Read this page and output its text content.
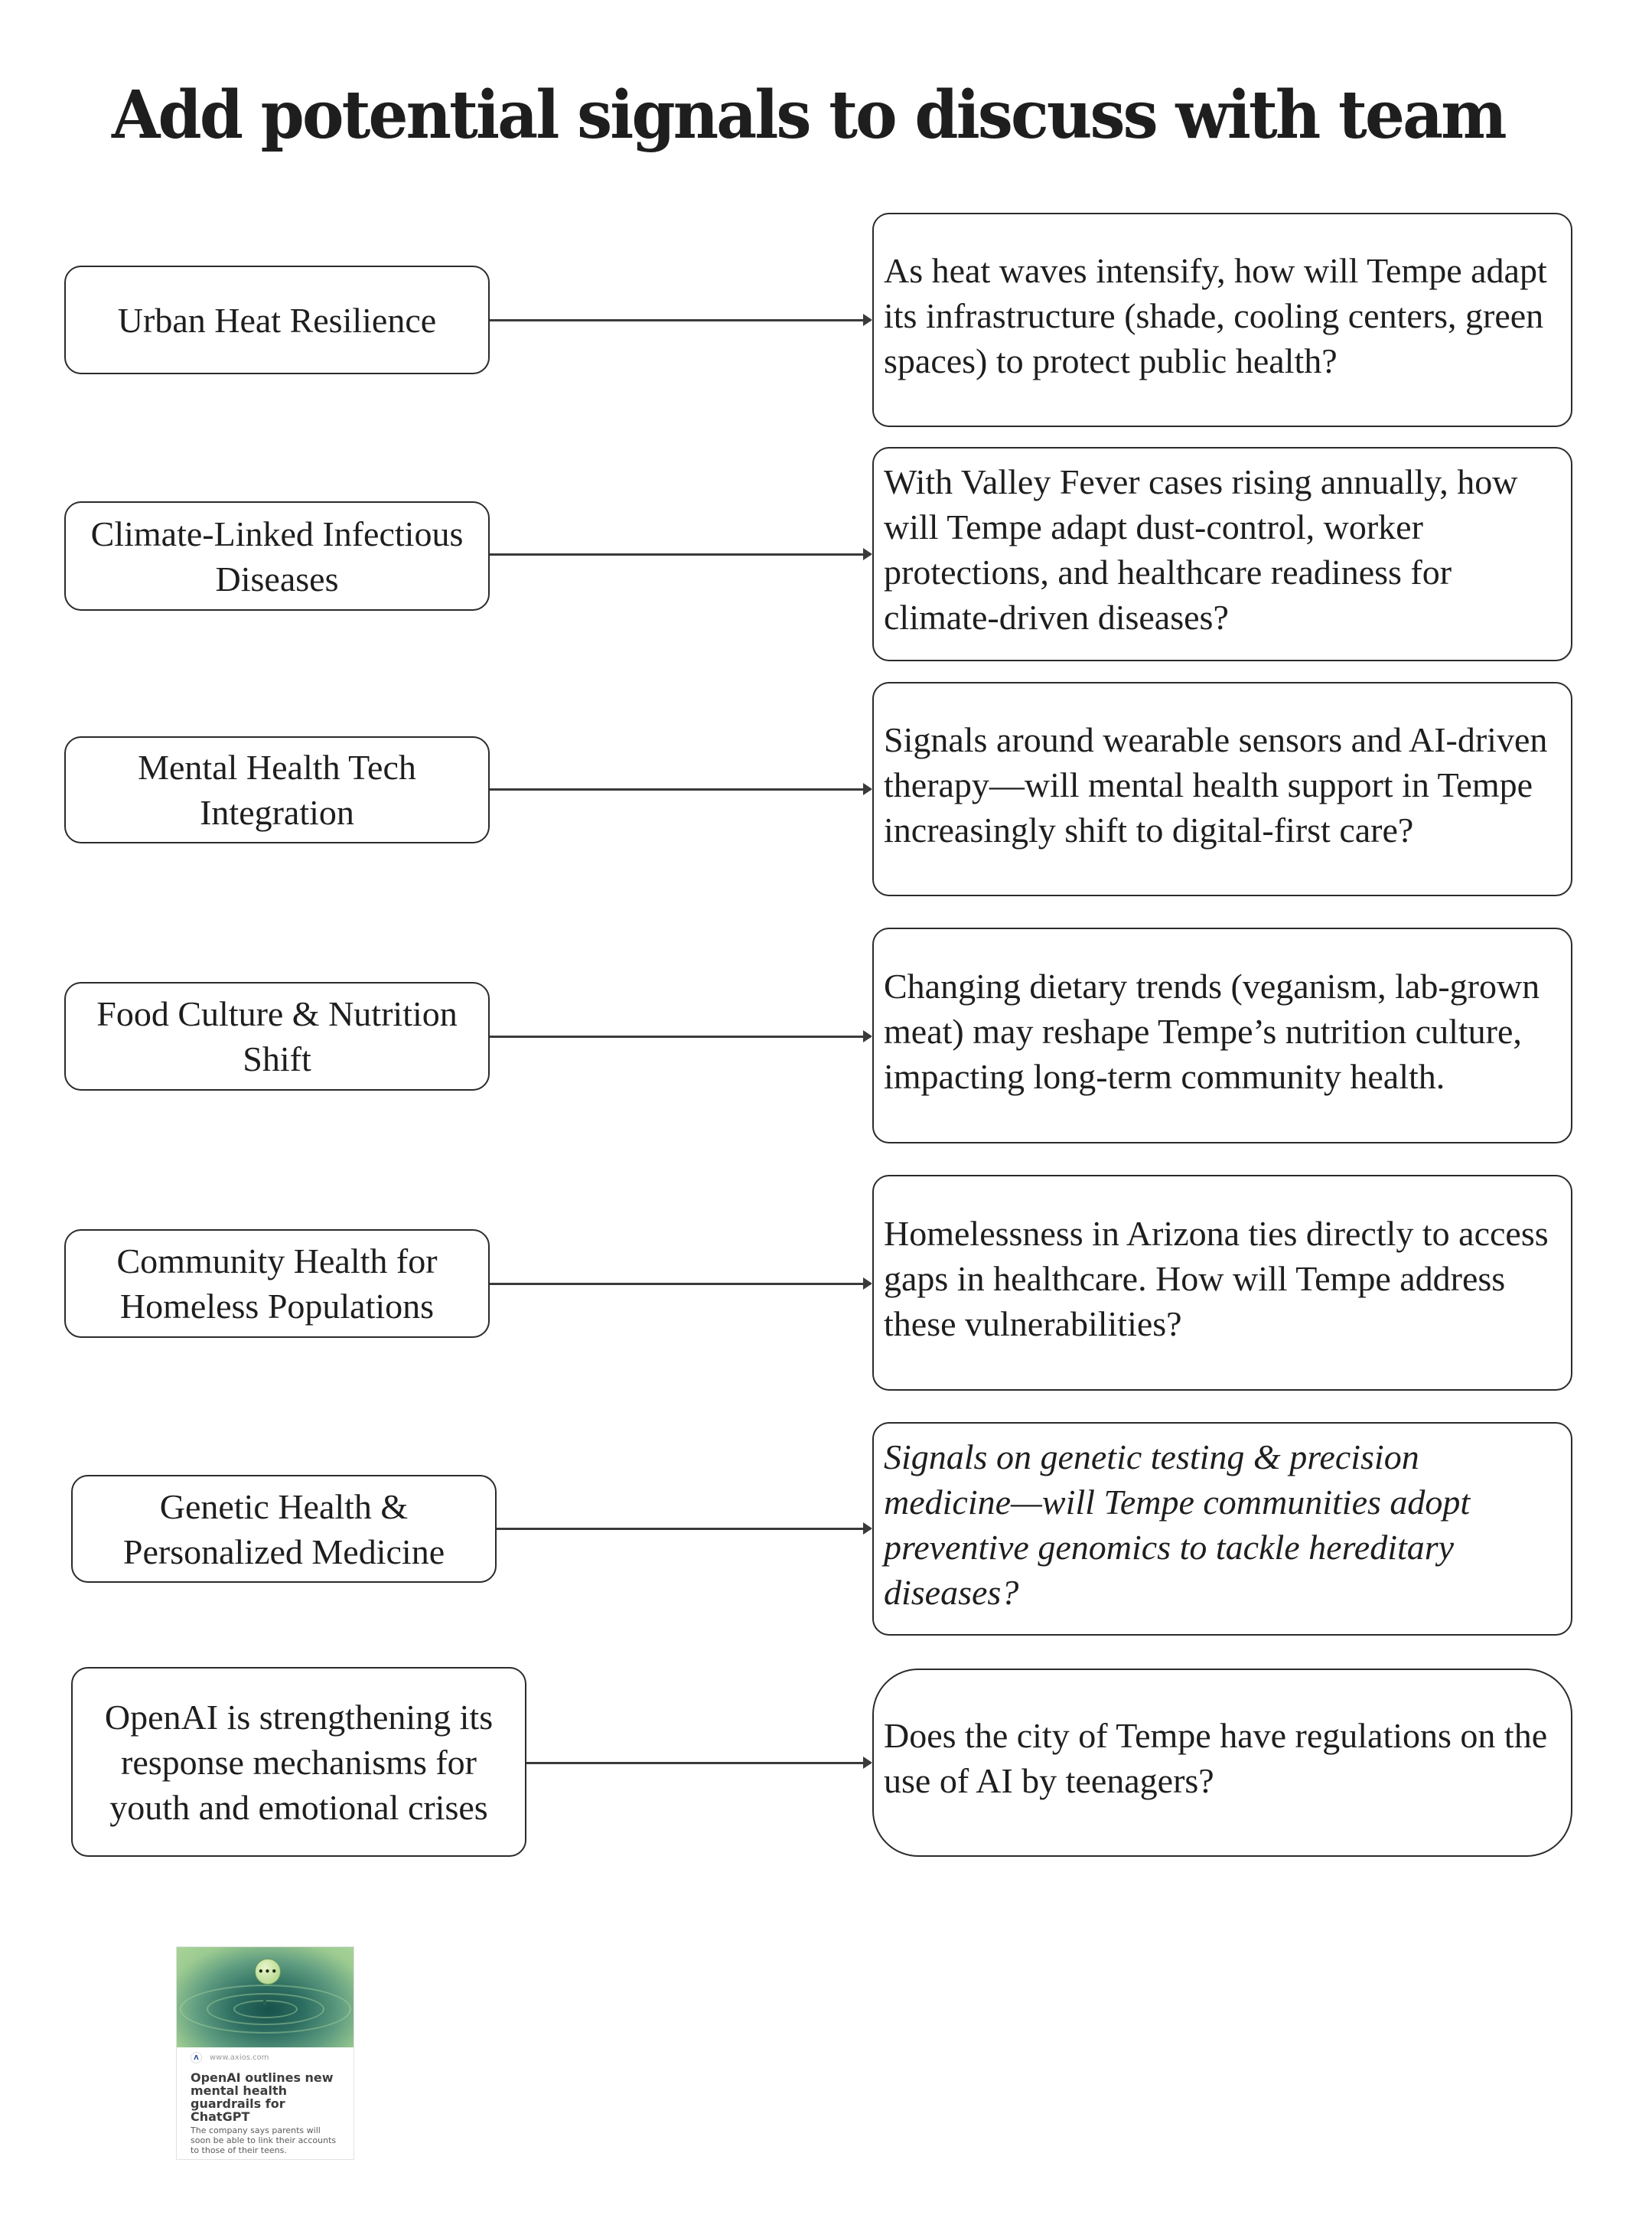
Add potential signals to discuss with team
Urban Heat Resilience
As heat waves intensify, how will Tempe adapt its infrastructure (shade, cooling centers, green spaces) to protect public health?
Climate-Linked Infectious Diseases
With Valley Fever cases rising annually, how will Tempe adapt dust-control, worker protections, and healthcare readiness for climate-driven diseases?
Mental Health Tech Integration
Signals around wearable sensors and AI-driven therapy—will mental health support in Tempe increasingly shift to digital-first care?
Food Culture & Nutrition Shift
Changing dietary trends (veganism, lab-grown meat) may reshape Tempe’s nutrition culture, impacting long-term community health.
Community Health for Homeless Populations
Homelessness in Arizona ties directly to access gaps in healthcare. How will Tempe address these vulnerabilities?
Genetic Health & Personalized Medicine
Signals on genetic testing & precision medicine—will Tempe communities adopt preventive genomics to tackle hereditary diseases?
OpenAI is strengthening its response mechanisms for youth and emotional crises
Does the city of Tempe have regulations on the use of AI by teenagers?
•••
Λ	www.axios.com
OpenAI outlines new mental health guardrails for ChatGPT
The company says parents will soon be able to link their accounts to those of their teens.
